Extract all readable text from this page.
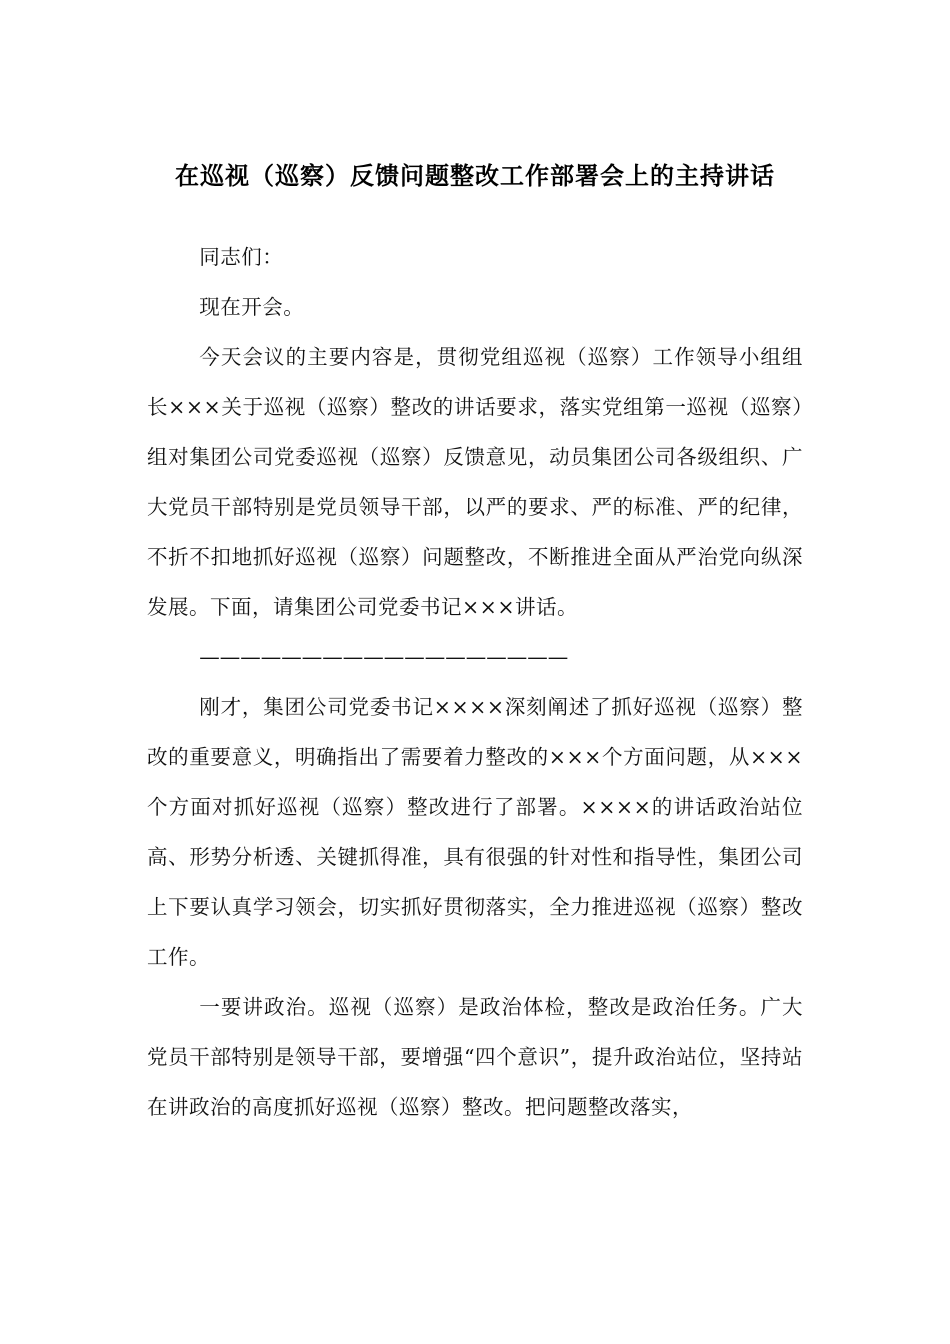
在巡视（巡察）反馈问题整改工作部署会上的主持讲话

同志们：

现在开会。

今天会议的主要内容是，贯彻党组巡视（巡察）工作领导小组组长×××关于巡视（巡察）整改的讲话要求，落实党组第一巡视（巡察）组对集团公司党委巡视（巡察）反馈意见，动员集团公司各级组织、广大党员干部特别是党员领导干部，以严的要求、严的标准、严的纪律，不折不扣地抓好巡视（巡察）问题整改，不断推进全面从严治党向纵深发展。下面，请集团公司党委书记×××讲话。

——————————————————

刚才，集团公司党委书记××××深刻阐述了抓好巡视（巡察）整改的重要意义，明确指出了需要着力整改的×××个方面问题，从×××个方面对抓好巡视（巡察）整改进行了部署。××××的讲话政治站位高、形势分析透、关键抓得准，具有很强的针对性和指导性，集团公司上下要认真学习领会，切实抓好贯彻落实，全力推进巡视（巡察）整改工作。

一要讲政治。巡视（巡察）是政治体检，整改是政治任务。广大党员干部特别是领导干部，要增强“四个意识”，提升政治站位，坚持站在讲政治的高度抓好巡视（巡察）整改。把问题整改落实，
